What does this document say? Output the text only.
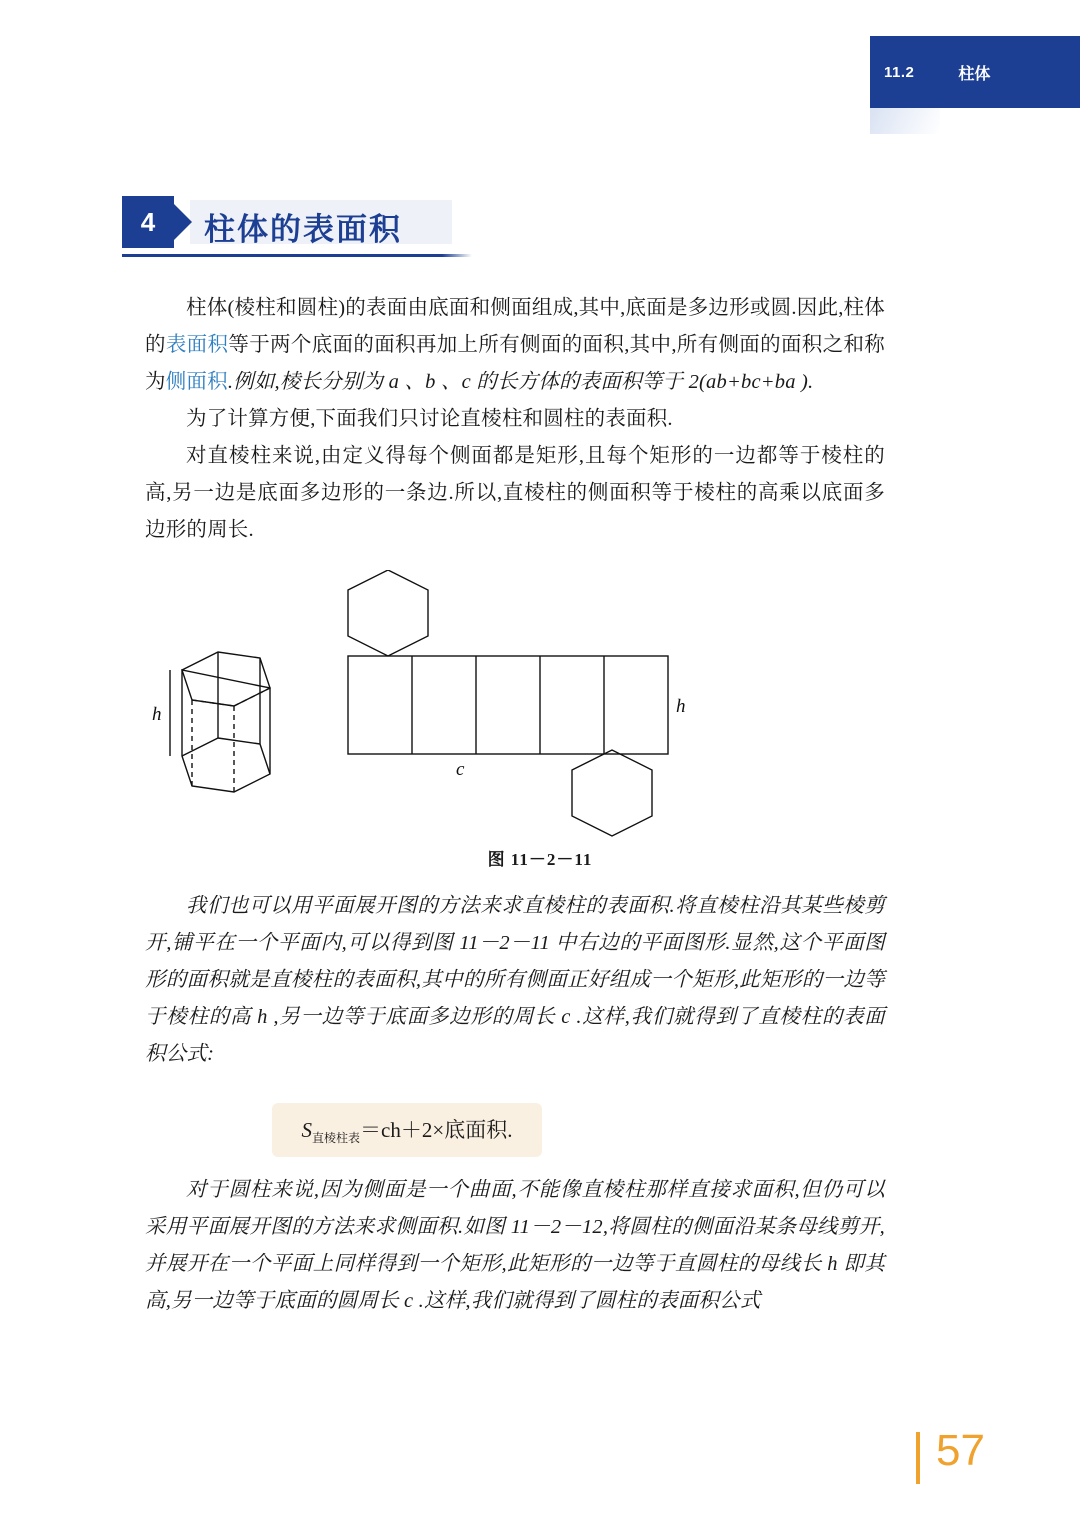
11.2	柱体
4	柱体的表面积

柱体(棱柱和圆柱)的表面由底面和侧面组成,其中,底面是多边形或圆.因此,柱体的表面积等于两个底面的面积再加上所有侧面的面积,其中,所有侧面的面积之和称为侧面积.例如,棱长分别为 a 、b 、c 的长方体的表面积等于 2(ab+bc+ba ).

为了计算方便,下面我们只讨论直棱柱和圆柱的表面积.

对直棱柱来说,由定义得每个侧面都是矩形,且每个矩形的一边都等于棱柱的高,另一边是底面多边形的一条边.所以,直棱柱的侧面积等于棱柱的高乘以底面多边形的周长.

h	h
c
图 11－2－11

我们也可以用平面展开图的方法来求直棱柱的表面积.将直棱柱沿其某些棱剪开,铺平在一个平面内,可以得到图 11－2－11 中右边的平面图形.显然,这个平面图形的面积就是直棱柱的表面积,其中的所有侧面正好组成一个矩形,此矩形的一边等于棱柱的高 h ,另一边等于底面多边形的周长 c .这样,我们就得到了直棱柱的表面积公式:

$S_{直棱柱表}=ch+2\times$底面积.

对于圆柱来说,因为侧面是一个曲面,不能像直棱柱那样直接求面积,但仍可以采用平面展开图的方法来求侧面积.如图 11－2－12,将圆柱的侧面沿某条母线剪开,并展开在一个平面上同样得到一个矩形,此矩形的一边等于直圆柱的母线长 h 即其高,另一边等于底面的圆周长 c .这样,我们就得到了圆柱的表面积公式

57
